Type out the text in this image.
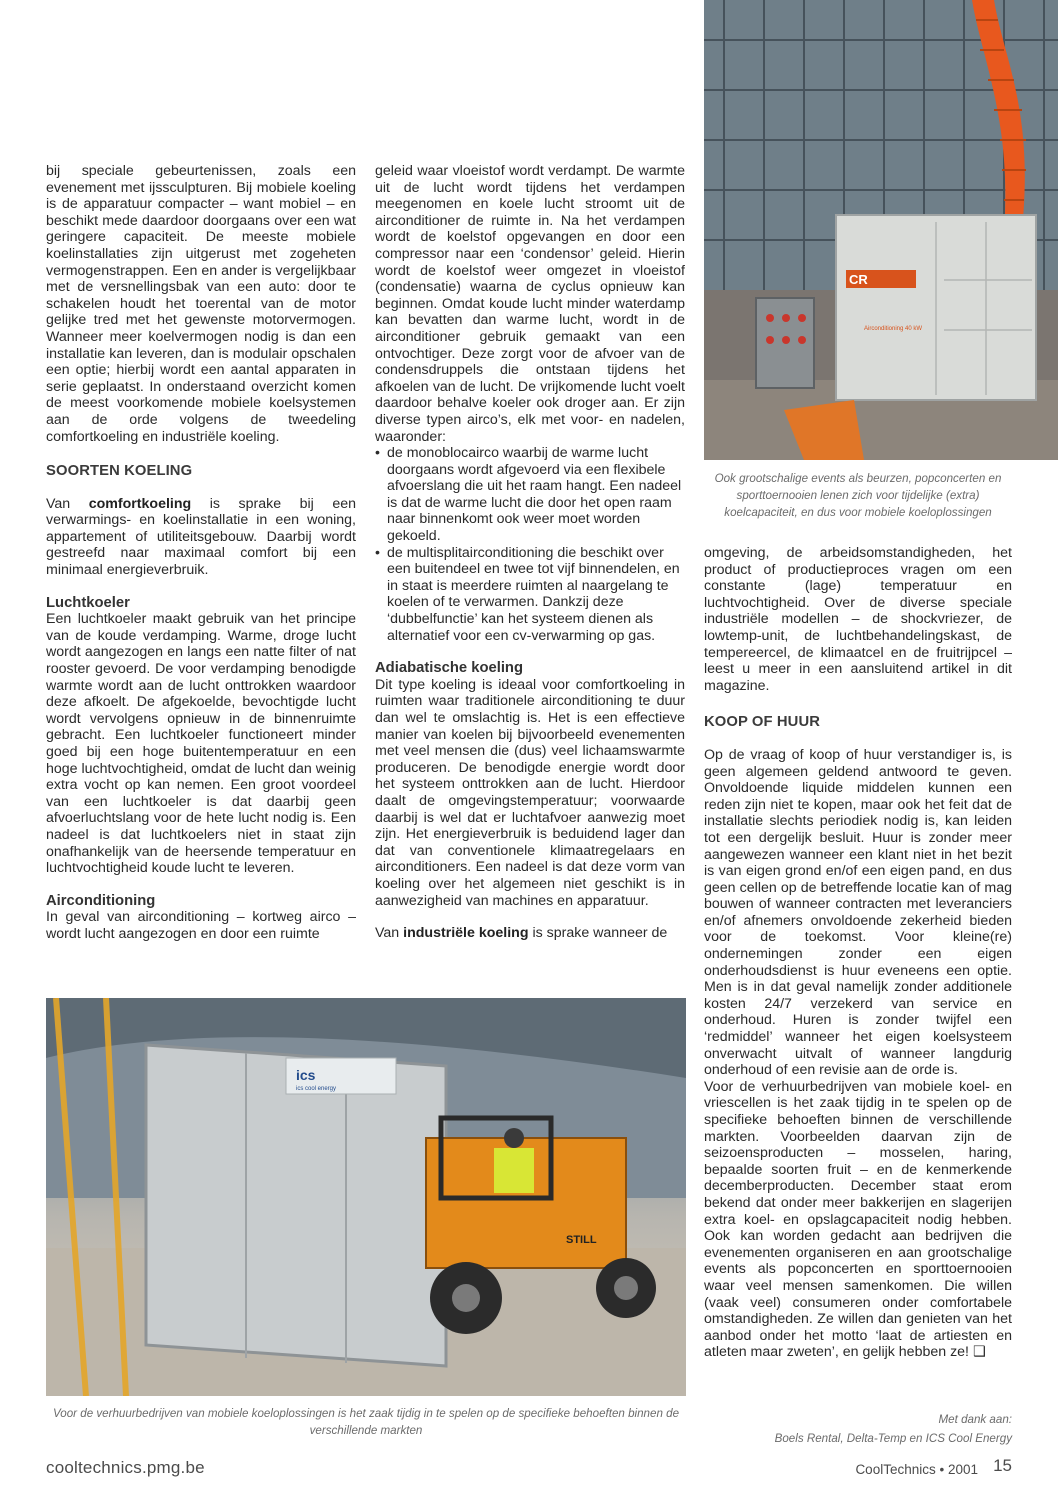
bij speciale gebeurtenissen, zoals een evenement met ijssculpturen. Bij mobiele koeling is de apparatuur compacter – want mobiel – en beschikt mede daardoor doorgaans over een wat geringere capaciteit. De meeste mobiele koelinstallaties zijn uitgerust met zogeheten vermogenstrappen. Een en ander is vergelijkbaar met de versnellingsbak van een auto: door te schakelen houdt het toerental van de motor gelijke tred met het gewenste motorvermogen. Wanneer meer koelvermogen nodig is dan een installatie kan leveren, dan is modulair opschalen een optie; hierbij wordt een aantal apparaten in serie geplaatst. In onderstaand overzicht komen de meest voorkomende mobiele koelsystemen aan de orde volgens de tweedeling comfortkoeling en industriële koeling.

SOORTEN KOELING

Van comfortkoeling is sprake bij een verwarmings- en koelinstallatie in een woning, appartement of utiliteitsgebouw. Daarbij wordt gestreefd naar maximaal comfort bij een minimaal energieverbruik.

Luchtkoeler

Een luchtkoeler maakt gebruik van het principe van de koude verdamping. Warme, droge lucht wordt aangezogen en langs een natte filter of nat rooster gevoerd. De voor verdamping benodigde warmte wordt aan de lucht onttrokken waardoor deze afkoelt. De afgekoelde, bevochtigde lucht wordt vervolgens opnieuw in de binnenruimte gebracht. Een luchtkoeler functioneert minder goed bij een hoge buitentemperatuur en een hoge luchtvochtigheid, omdat de lucht dan weinig extra vocht op kan nemen. Een groot voordeel van een luchtkoeler is dat daarbij geen afvoerluchtslang voor de hete lucht nodig is. Een nadeel is dat luchtkoelers niet in staat zijn onafhankelijk van de heersende temperatuur en luchtvochtigheid koude lucht te leveren.

Airconditioning

In geval van airconditioning – kortweg airco – wordt lucht aangezogen en door een ruimte

geleid waar vloeistof wordt verdampt. De warmte uit de lucht wordt tijdens het verdampen meegenomen en koele lucht stroomt uit de airconditioner de ruimte in. Na het verdampen wordt de koelstof opgevangen en door een compressor naar een ‘condensor’ geleid. Hierin wordt de koelstof weer omgezet in vloeistof (condensatie) waarna de cyclus opnieuw kan beginnen. Omdat koude lucht minder waterdamp kan bevatten dan warme lucht, wordt in de airconditioner gebruik gemaakt van een ontvochtiger. Deze zorgt voor de afvoer van de condensdruppels die ontstaan tijdens het afkoelen van de lucht. De vrijkomende lucht voelt daardoor behalve koeler ook droger aan. Er zijn diverse typen airco’s, elk met voor- en nadelen, waaronder:

• de monoblocairco waarbij de warme lucht doorgaans wordt afgevoerd via een flexibele afvoerslang die uit het raam hangt. Een nadeel is dat de warme lucht die door het open raam naar binnenkomt ook weer moet worden gekoeld.
• de multisplitairconditioning die beschikt over een buitendeel en twee tot vijf binnendelen, en in staat is meerdere ruimten al naargelang te koelen of te verwarmen. Dankzij deze ‘dubbelfunctie’ kan het systeem dienen als alternatief voor een cv-verwarming op gas.
Adiabatische koeling

Dit type koeling is ideaal voor comfortkoeling in ruimten waar traditionele airconditioning te duur dan wel te omslachtig is. Het is een effectieve manier van koelen bij bijvoorbeeld evenementen met veel mensen die (dus) veel lichaamswarmte produceren. De benodigde energie wordt door het systeem onttrokken aan de lucht. Hierdoor daalt de omgevingstemperatuur; voorwaarde daarbij is wel dat er luchtafvoer aanwezig moet zijn. Het energieverbruik is beduidend lager dan dat van conventionele klimaatregelaars en airconditioners. Een nadeel is dat deze vorm van koeling over het algemeen niet geschikt is in aanwezigheid van machines en apparatuur.

Van industriële koeling is sprake wanneer de

CR
Airconditioning 40 kW
Ook grootschalige events als beurzen, popconcerten en sporttoernooien lenen zich voor tijdelijke (extra) koelcapaciteit, en dus voor mobiele koeloplossingen

omgeving, de arbeidsomstandigheden, het product of productieproces vragen om een constante (lage) temperatuur en luchtvochtigheid. Over de diverse speciale industriële modellen – de shockvriezer, de lowtemp-unit, de luchtbehandelingskast, de tempereercel, de klimaatcel en de fruitrijpcel – leest u meer in een aansluitend artikel in dit magazine.

KOOP OF HUUR

Op de vraag of koop of huur verstandiger is, is geen algemeen geldend antwoord te geven. Onvoldoende liquide middelen kunnen een reden zijn niet te kopen, maar ook het feit dat de installatie slechts periodiek nodig is, kan leiden tot een dergelijk besluit. Huur is zonder meer aangewezen wanneer een klant niet in het bezit is van eigen grond en/of een eigen pand, en dus geen cellen op de betreffende locatie kan of mag bouwen of wanneer contracten met leveranciers en/of afnemers onvoldoende zekerheid bieden voor de toekomst. Voor kleine(re) ondernemingen zonder een eigen onderhoudsdienst is huur eveneens een optie. Men is in dat geval namelijk zonder additionele kosten 24/7 verzekerd van service en onderhoud. Huren is zonder twijfel een ‘redmiddel’ wanneer het eigen koelsysteem onverwacht uitvalt of wanneer langdurig onderhoud of een revisie aan de orde is.

Voor de verhuurbedrijven van mobiele koel- en vriescellen is het zaak tijdig in te spelen op de specifieke behoeften binnen de verschillende markten. Voorbeelden daarvan zijn de seizoensproducten – mosselen, haring, bepaalde soorten fruit – en de kenmerkende decemberproducten. December staat erom bekend dat onder meer bakkerijen en slagerijen extra koel- en opslagcapaciteit nodig hebben. Ook kan worden gedacht aan bedrijven die evenementen organiseren en aan grootschalige events als popconcerten en sporttoernooien waar veel mensen samenkomen. Die willen (vaak veel) consumeren onder comfortabele omstandigheden. Ze willen dan genieten van het aanbod onder het motto ‘laat de artiesten en atleten maar zweten’, en gelijk hebben ze! ❑

ics
ics cool energy
STILL
Voor de verhuurbedrijven van mobiele koeloplossingen is het zaak tijdig in te spelen op de specifieke behoeften binnen de verschillende markten
Met dank aan:
Boels Rental, Delta-Temp en ICS Cool Energy
cooltechnics.pmg.be	CoolTechnics • 2001 15
